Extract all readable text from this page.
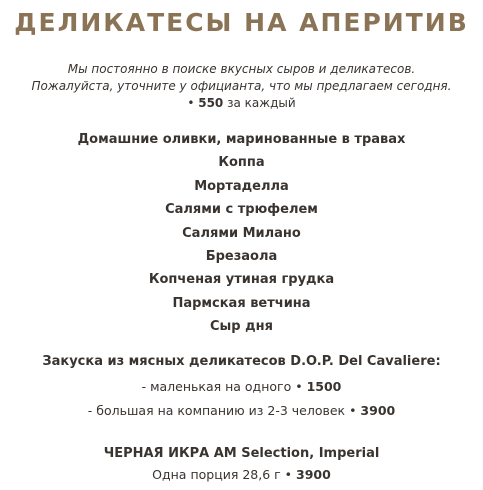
ДЕЛИКАТЕСЫ НА АПЕРИТИВ
Мы постоянно в поиске вкусных сыров и деликатесов.
Пожалуйста, уточните у официанта, что мы предлагаем сегодня.
• 550 за каждый
Домашние оливки, маринованные в травах
Коппа
Мортаделла
Салями с трюфелем
Салями Милано
Брезаола
Копченая утиная грудка
Пармская ветчина
Сыр дня
Закуска из мясных деликатесов D.O.P. Del Cavaliere:
- маленькая на одного • 1500
- большая на компанию из 2-3 человек • 3900
ЧЕРНАЯ ИКРА AM Selection, Imperial
Одна порция 28,6 г • 3900
